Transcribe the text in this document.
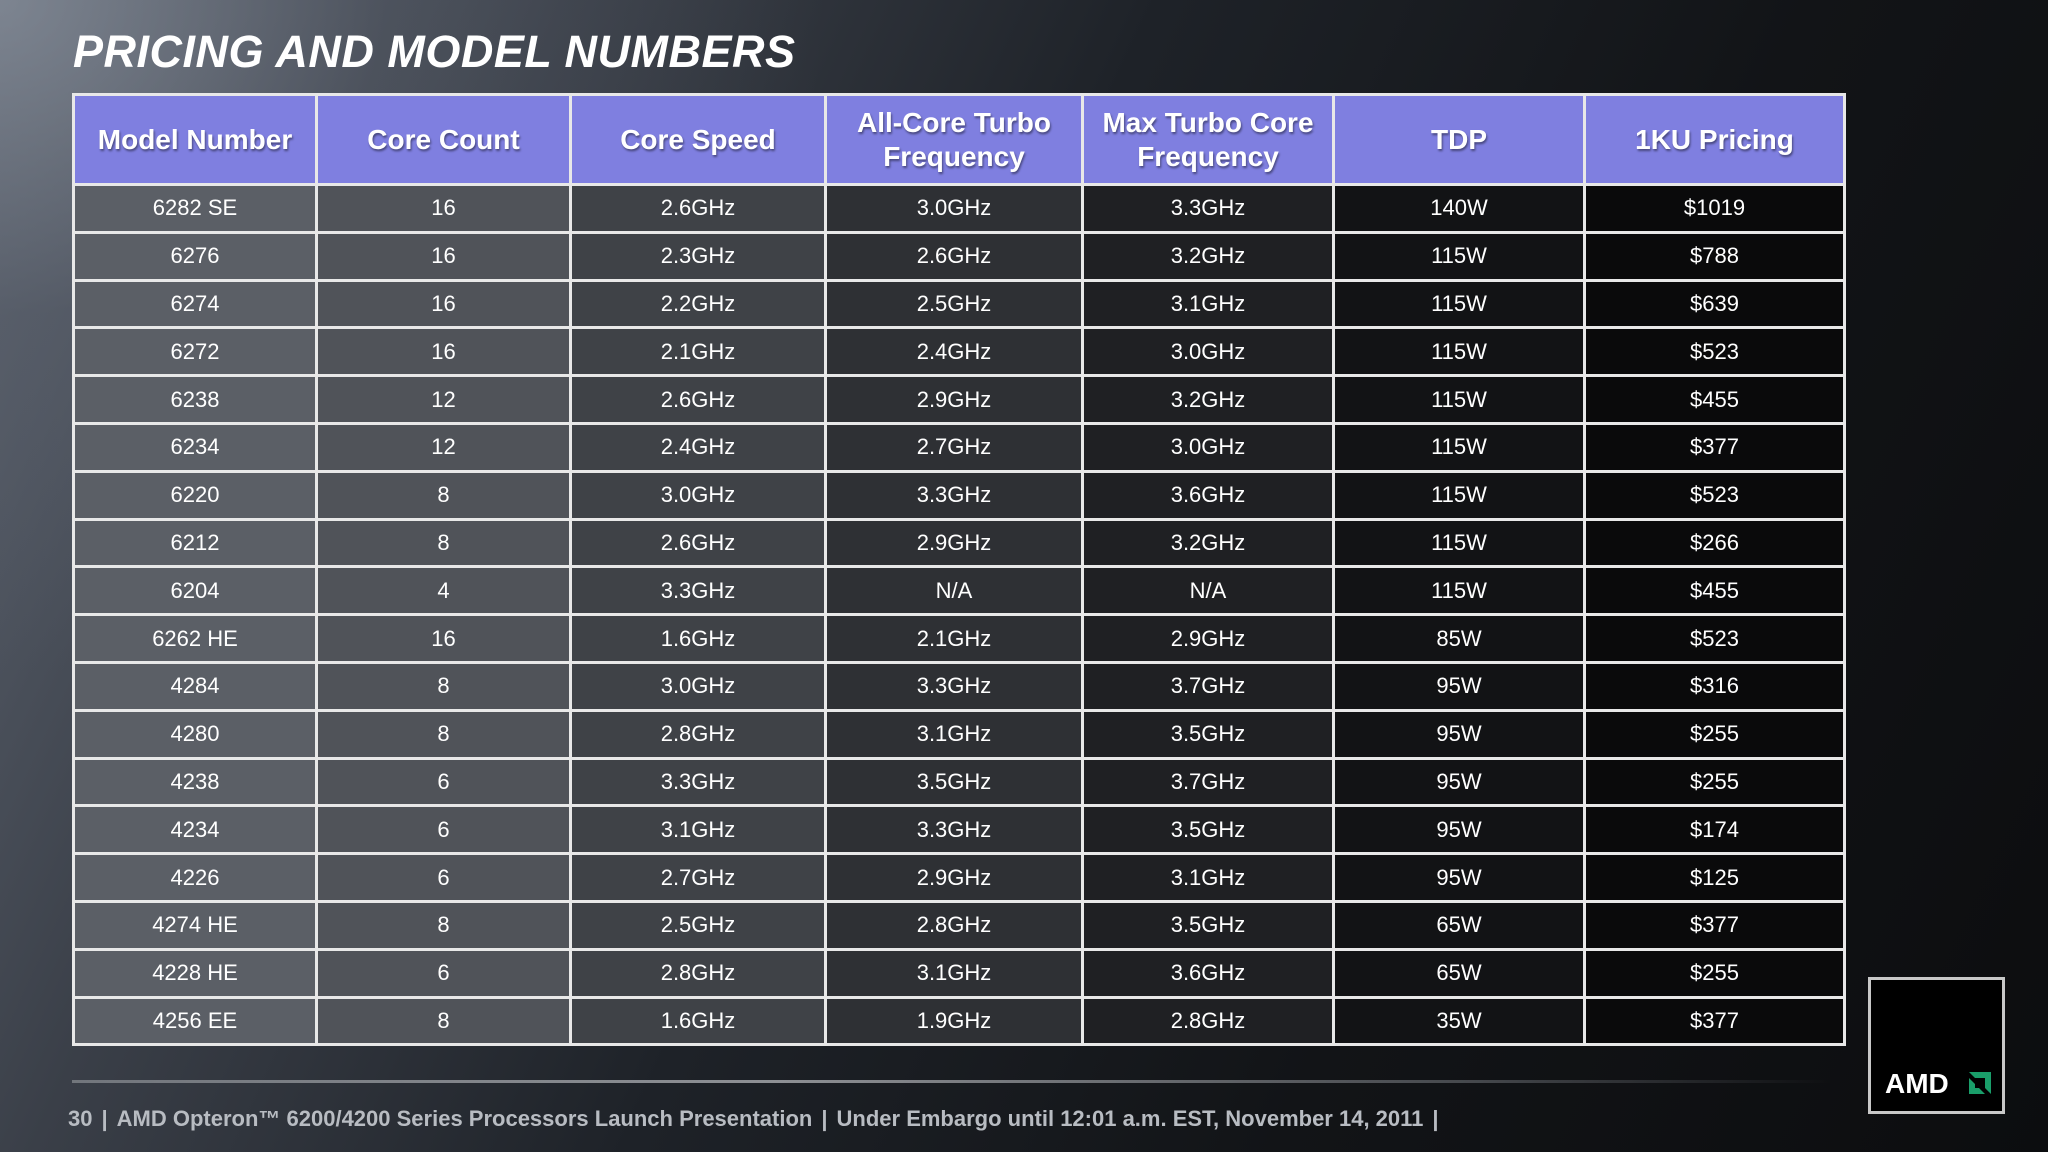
PRICING AND MODEL NUMBERS
Model Number	Core Count	Core Speed	All-Core Turbo Frequency	Max Turbo Core Frequency	TDP	1KU Pricing
6282 SE	16	2.6GHz	3.0GHz	3.3GHz	140W	$1019
6276	16	2.3GHz	2.6GHz	3.2GHz	115W	$788
6274	16	2.2GHz	2.5GHz	3.1GHz	115W	$639
6272	16	2.1GHz	2.4GHz	3.0GHz	115W	$523
6238	12	2.6GHz	2.9GHz	3.2GHz	115W	$455
6234	12	2.4GHz	2.7GHz	3.0GHz	115W	$377
6220	8	3.0GHz	3.3GHz	3.6GHz	115W	$523
6212	8	2.6GHz	2.9GHz	3.2GHz	115W	$266
6204	4	3.3GHz	N/A	N/A	115W	$455
6262 HE	16	1.6GHz	2.1GHz	2.9GHz	85W	$523
4284	8	3.0GHz	3.3GHz	3.7GHz	95W	$316
4280	8	2.8GHz	3.1GHz	3.5GHz	95W	$255
4238	6	3.3GHz	3.5GHz	3.7GHz	95W	$255
4234	6	3.1GHz	3.3GHz	3.5GHz	95W	$174
4226	6	2.7GHz	2.9GHz	3.1GHz	95W	$125
4274 HE	8	2.5GHz	2.8GHz	3.5GHz	65W	$377
4228 HE	6	2.8GHz	3.1GHz	3.6GHz	65W	$255
4256 EE	8	1.6GHz	1.9GHz	2.8GHz	35W	$377
30 | AMD Opteron™ 6200/4200 Series Processors Launch Presentation | Under Embargo until 12:01 a.m. EST, November 14, 2011 |
AMD
